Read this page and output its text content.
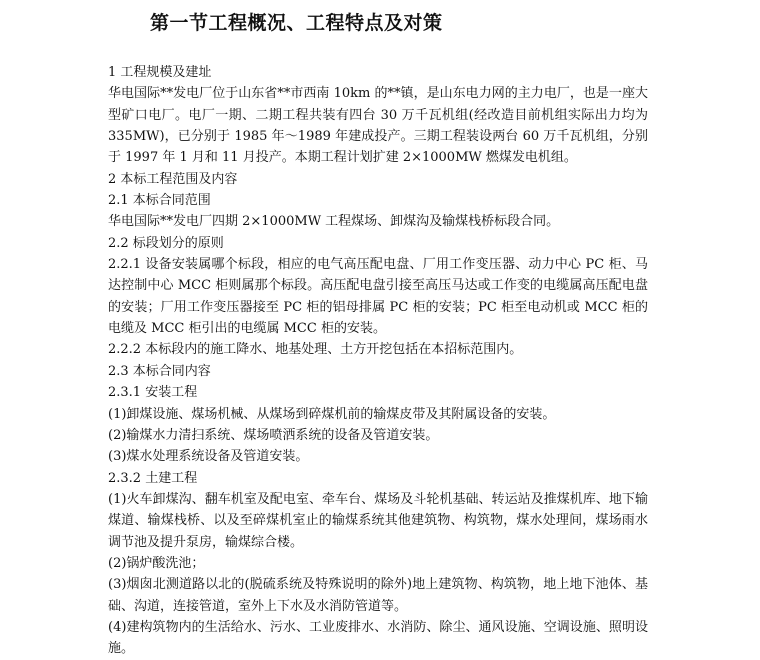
第一节工程概况、工程特点及对策

1 工程规模及建址

华电国际**发电厂位于山东省**市西南 10km 的**镇，是山东电力网的主力电厂，也是一座大型矿口电厂。电厂一期、二期工程共装有四台 30 万千瓦机组(经改造目前机组实际出力均为 335MW)，已分别于 1985 年～1989 年建成投产。三期工程装设两台 60 万千瓦机组，分别于 1997 年 1 月和 11 月投产。本期工程计划扩建 2×1000MW 燃煤发电机组。

2 本标工程范围及内容

2.1 本标合同范围

华电国际**发电厂四期 2×1000MW 工程煤场、卸煤沟及输煤栈桥标段合同。

2.2 标段划分的原则

2.2.1 设备安装属哪个标段，相应的电气高压配电盘、厂用工作变压器、动力中心 PC 柜、马达控制中心 MCC 柜则属那个标段。高压配电盘引接至高压马达或工作变的电缆属高压配电盘的安装；厂用工作变压器接至 PC 柜的铝母排属 PC 柜的安装；PC 柜至电动机或 MCC 柜的电缆及 MCC 柜引出的电缆属 MCC 柜的安装。

2.2.2 本标段内的施工降水、地基处理、土方开挖包括在本招标范围内。

2.3 本标合同内容

2.3.1 安装工程

(1)卸煤设施、煤场机械、从煤场到碎煤机前的输煤皮带及其附属设备的安装。

(2)输煤水力清扫系统、煤场喷洒系统的设备及管道安装。

(3)煤水处理系统设备及管道安装。

2.3.2 土建工程

(1)火车卸煤沟、翻车机室及配电室、牵车台、煤场及斗轮机基础、转运站及推煤机库、地下输煤道、输煤栈桥、以及至碎煤机室止的输煤系统其他建筑物、构筑物，煤水处理间，煤场雨水调节池及提升泵房，输煤综合楼。

(2)锅炉酸洗池；

(3)烟囱北测道路以北的(脱硫系统及特殊说明的除外)地上建筑物、构筑物，地上地下池体、基础、沟道，连接管道，室外上下水及水消防管道等。

(4)建构筑物内的生活给水、污水、工业废排水、水消防、除尘、通风设施、空调设施、照明设施。
